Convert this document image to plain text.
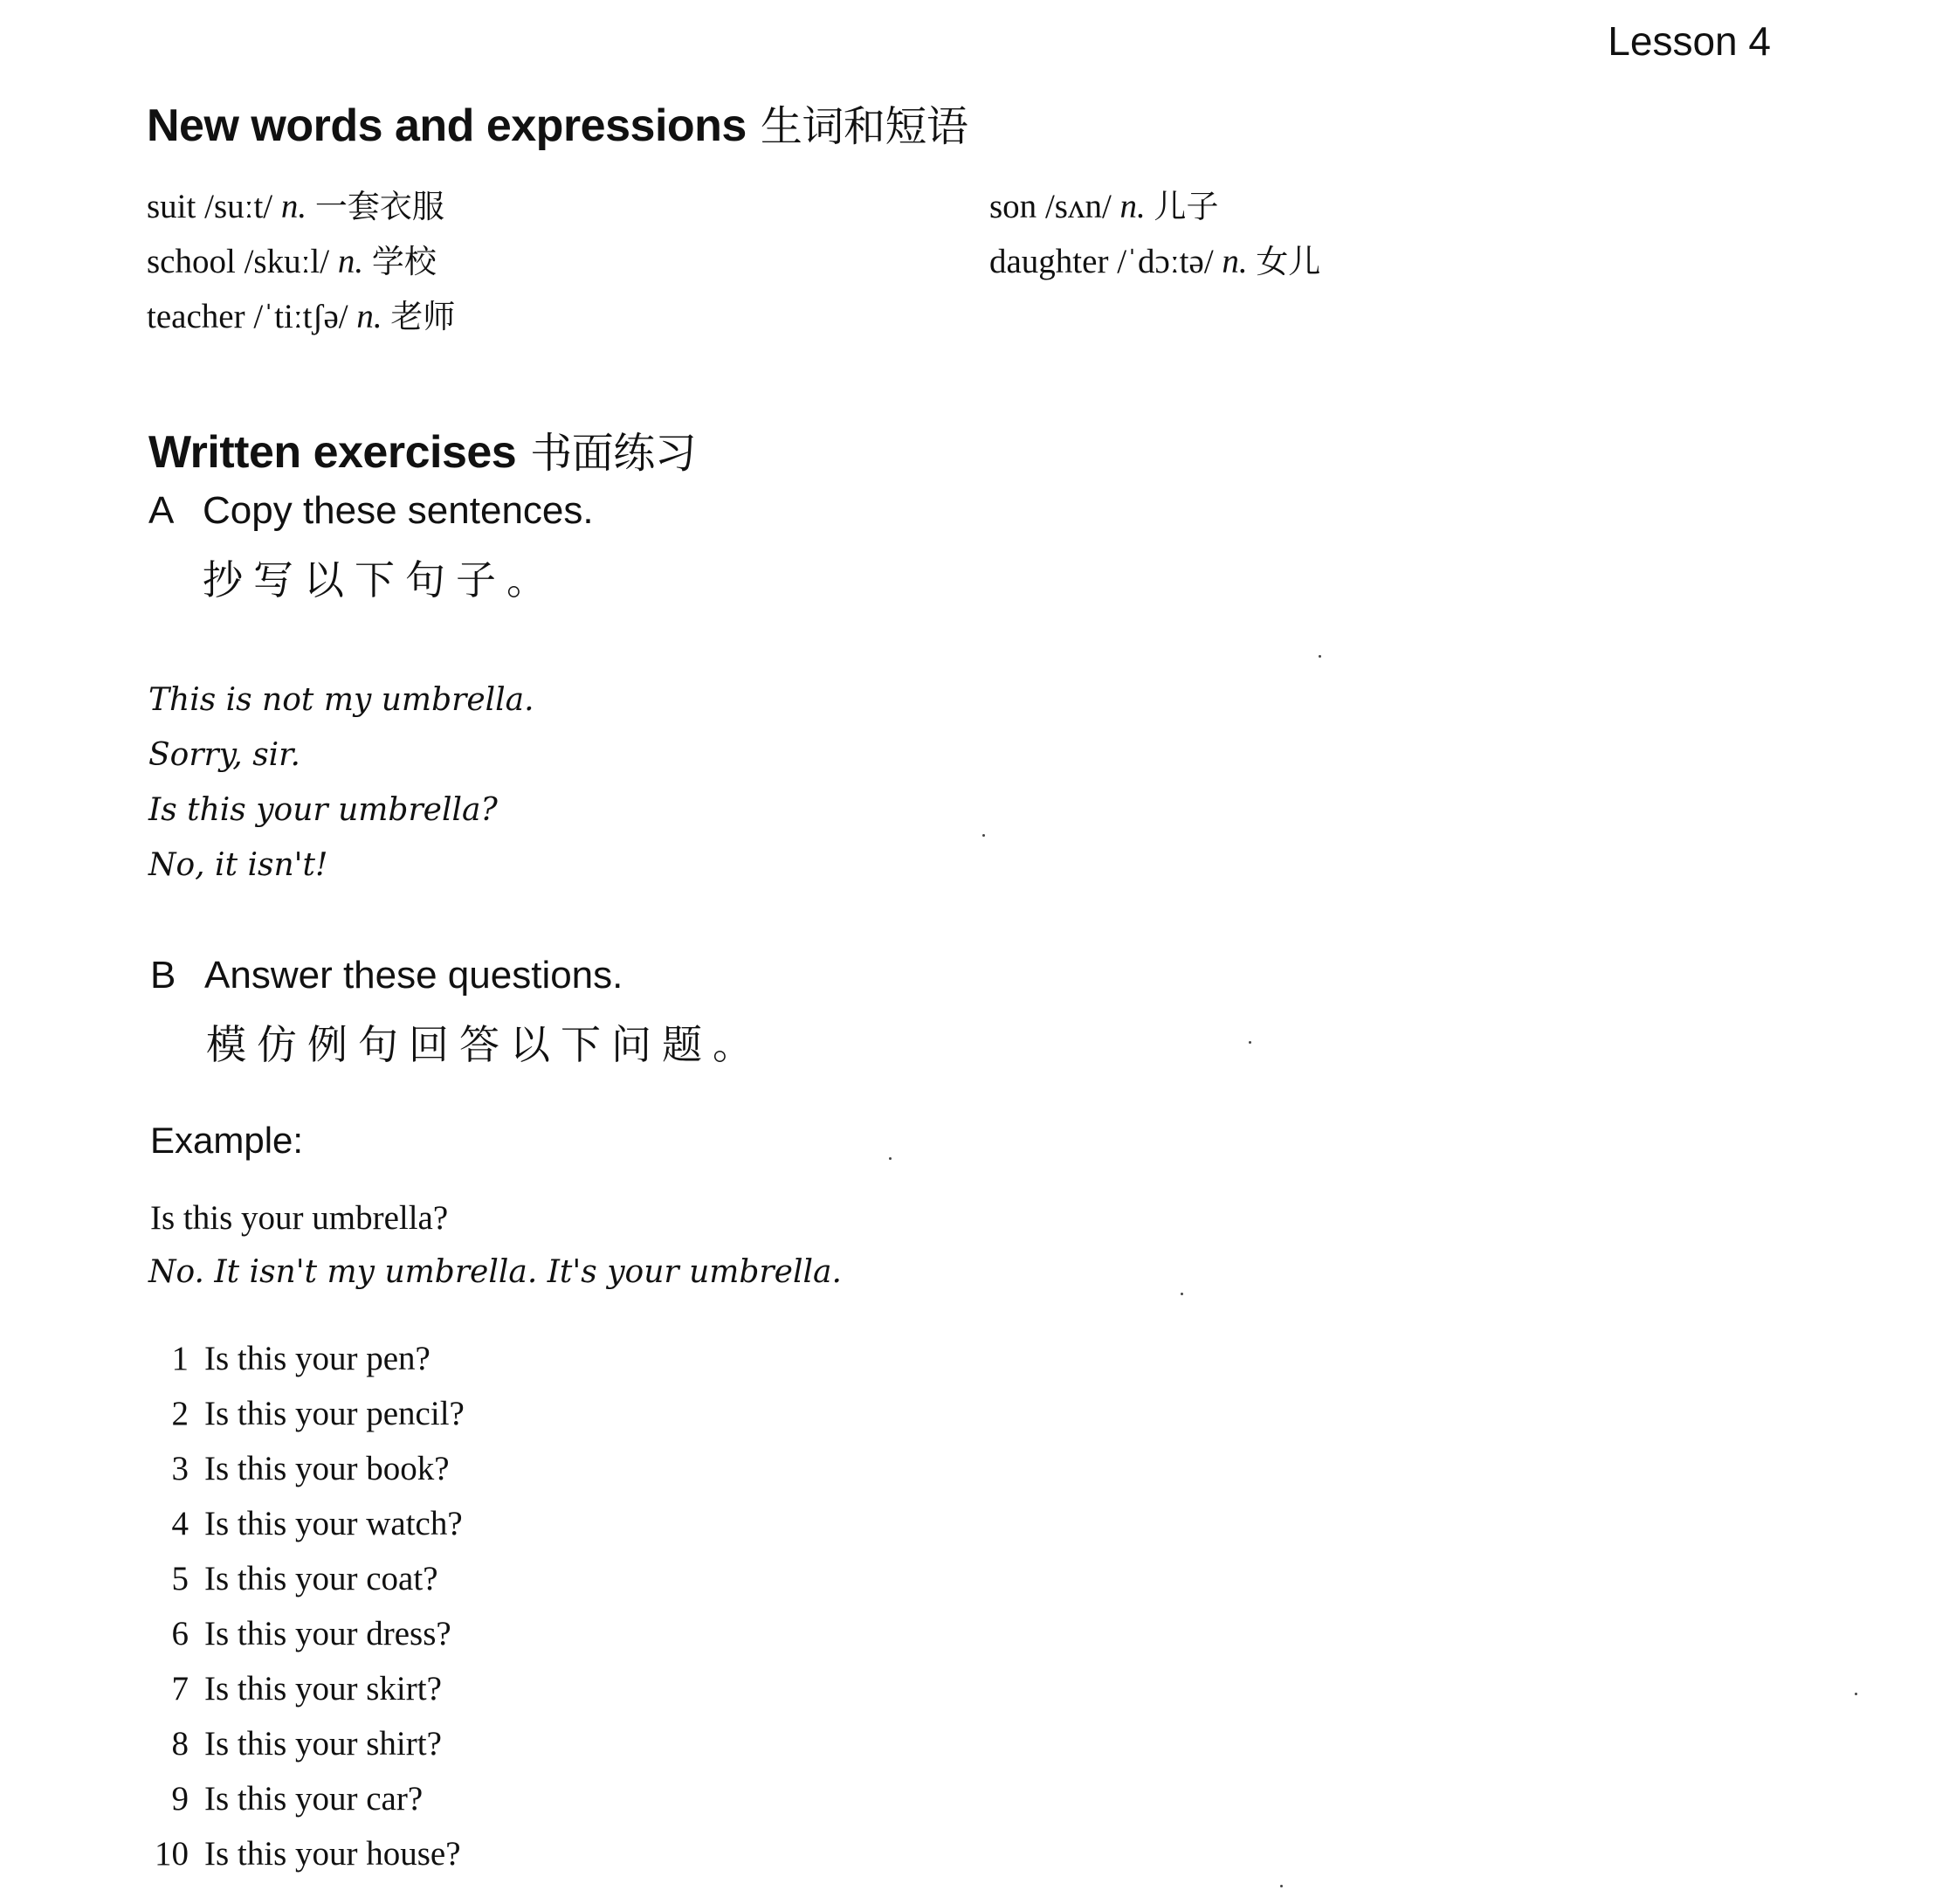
Lesson 4
New words and expressions 生词和短语
suit /suːt/ n. 一套衣服
school /skuːl/ n. 学校
teacher /ˈtiːtʃə/ n. 老师
son /sʌn/ n. 儿子
daughter /ˈdɔːtə/ n. 女儿
Written exercises 书面练习
A Copy these sentences.
抄写以下句子。
This is not my umbrella.
Sorry, sir.
Is this your umbrella?
No, it isn't!
B Answer these questions.
模仿例句回答以下问题。
Example:
Is this your umbrella?
No. It isn't my umbrella. It's your umbrella.
1 Is this your pen?
2 Is this your pencil?
3 Is this your book?
4 Is this your watch?
5 Is this your coat?
6 Is this your dress?
7 Is this your skirt?
8 Is this your shirt?
9 Is this your car?
10 Is this your house?
